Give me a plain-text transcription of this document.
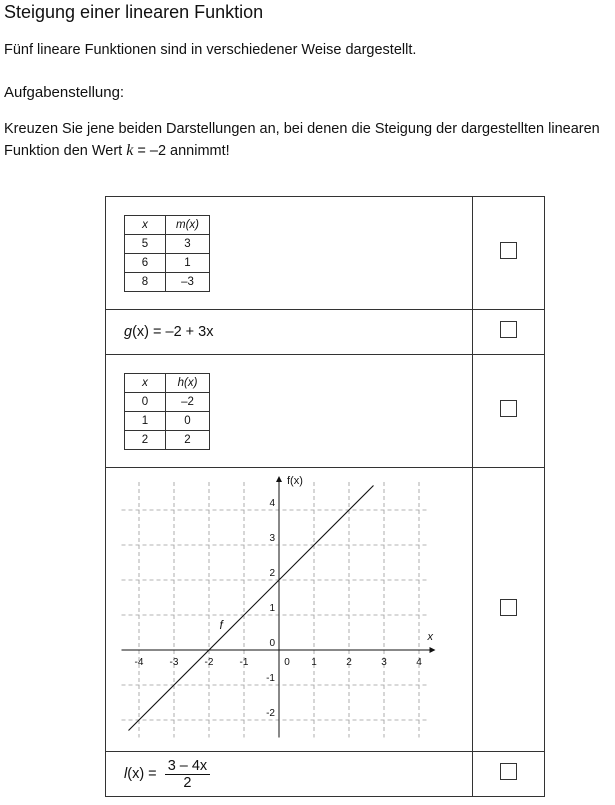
Steigung einer linearen Funktion
Fünf lineare Funktionen sind in verschiedener Weise dargestellt.
Aufgabenstellung:
Kreuzen Sie jene beiden Darstellungen an, bei denen die Steigung der dargestellten linearen Funktion den Wert k = –2 annimmt!
x	m(x)
5	3
6	1
8	–3

g(x) = –2 + 3x	

x	h(x)
0	–2
1	0
2	2

-4	-3	-2	-1	0 1	2	3	4
-2
-1
1
2
3
4
0
x
f(x)
f

$l(x) = \frac{3 - 4x}{2}$
